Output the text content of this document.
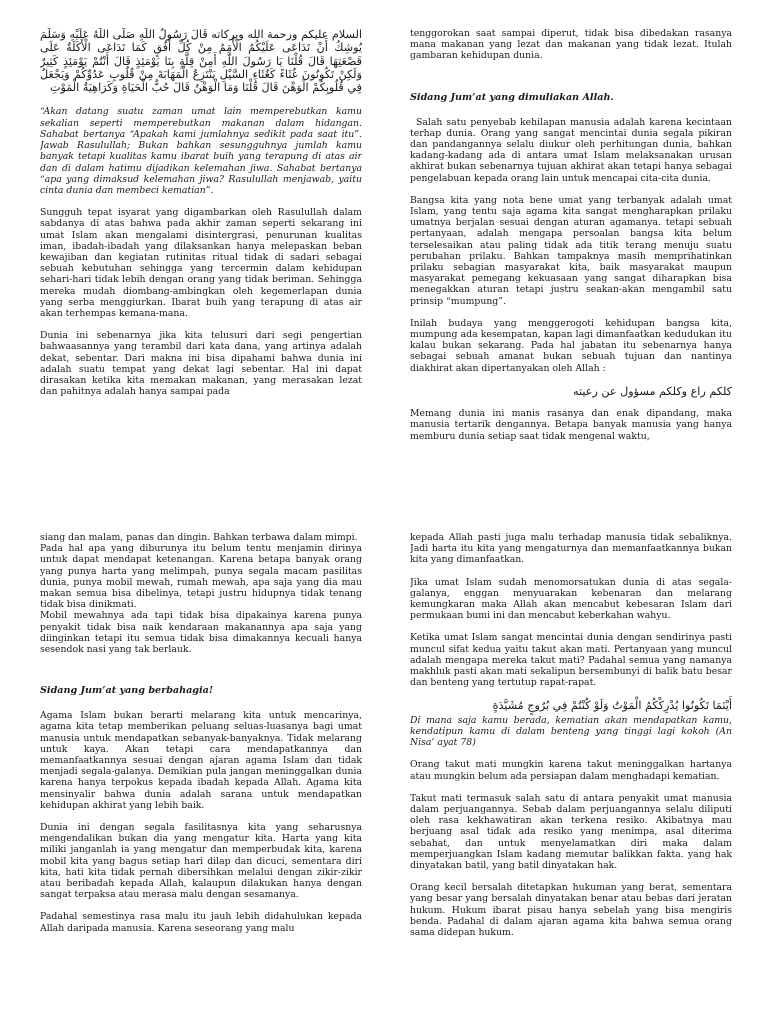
السلام عليكم ورحمة الله وبركاته قَالَ رَسُولُ اللَّهِ صَلَّى اللَّهُ عَلَيْهِ وَسَلَّمَ يُوشِكُ أَنْ تَدَاعَى عَلَيْكُمُ الْأُمَمُ مِنْ كُلِّ أُفُقٍ كَمَا تَدَاعَى الْأَكَلَةُ عَلَى قَصْعَتِهَا قَالَ قُلْنَا يَا رَسُولَ اللَّهِ أَمِنْ قِلَّةٍ بِنَا يَوْمَئِذٍ قَالَ أَنْتُمْ يَوْمَئِذٍ كَثِيرٌ وَلَكِنْ تَكُونُونَ غُثَاءً كَغُثَاءِ السَّيْلِ يَنْتَزِعُ الْمَهَابَةَ مِنْ قُلُوبِ عَدُوِّكُمْ وَيَجْعَلُ فِي قُلُوبِكُمْ الْوَهْنَ قَالَ قُلْنَا وَمَا الْوَهْنُ قَالَ حُبُّ الْحَيَاةِ وَكَرَاهِيَةُ الْمَوْتِ

“Akan datang suatu zaman umat lain memperebutkan kamu sekalian seperti memperebutkan makanan dalam hidangan. Sahabat bertanya “Apakah kami jumlahnya sedikit pada saat itu”. Jawab Rasulullah; Bukan bahkan sesungguhnya jumlah kamu banyak tetapi kualitas kamu ibarat buih yang terapung di atas air dan di dalam hatimu dijadikan kelemahan jiwa. Sahabat bertanya “apa yang dimaksud kelemahan jiwa? Rasulullah menjawab, yaitu cinta dunia dan membeci kematian”.

Sungguh tepat isyarat yang digambarkan oleh Rasulullah dalam sabdanya di atas bahwa pada akhir zaman seperti sekarang ini umat Islam akan mengalami disintergrasi, penurunan kualitas iman, ibadah-ibadah yang dilaksankan hanya melepaskan beban kewajiban dan kegiatan rutinitas ritual tidak di sadari sebagai sebuah kebutuhan sehingga yang tercermin dalam kehidupan sehari-hari tidak lebih dengan orang yang tidak beriman. Sehingga mereka mudah diombang-ambingkan oleh kegemerlapan dunia yang serba menggiurkan. Ibarat buih yang terapung di atas air akan terhempas kemana-mana.

Dunia ini sebenarnya jika kita telusuri dari segi pengertian bahwaasannya yang terambil dari kata dana, yang artinya adalah dekat, sebentar. Dari makna ini bisa dipahami bahwa dunia ini adalah suatu tempat yang dekat lagi sebentar. Hal ini dapat dirasakan ketika kita memakan makanan, yang merasakan lezat dan pahitnya adalah hanya sampai pada

tenggorokan saat sampai diperut, tidak bisa dibedakan rasanya mana makanan yang lezat dan makanan yang tidak lezat. Itulah gambaran kehidupan dunia.

Sidang Jum’at yang dimuliakan Allah.

Salah satu penyebab kehilapan manusia adalah karena kecintaan terhap dunia. Orang yang sangat mencintai dunia segala pikiran dan pandangannya selalu diukur oleh perhitungan dunia, bahkan kadang-kadang ada di antara umat Islam melaksanakan urusan akhirat bukan sebenarnya tujuan akhirat akan tetapi hanya sebagai pengelabuan kepada orang lain untuk mencapai cita-cita dunia.

Bangsa kita yang nota bene umat yang terbanyak adalah umat Islam, yang tentu saja agama kita sangat mengharapkan prilaku umatnya berjalan sesuai dengan aturan agamanya. tetapi sebuah pertanyaan, adalah mengapa persoalan bangsa kita belum terselesaikan atau paling tidak ada titik terang menuju suatu perubahan prilaku. Bahkan tampaknya masih memprihatinkan prilaku sebagian masyarakat kita, baik masyarakat maupun masyarakat pemegang kekuasaan yang sangat diharapkan bisa menegakkan aturan tetapi justru seakan-akan mengambil satu prinsip “mumpung”.

Inilah budaya yang menggerogoti kehidupan bangsa kita, mumpung ada kesempatan, kapan lagi dimanfaatkan kedudukan itu kalau bukan sekarang. Pada hal jabatan itu sebenarnya hanya sebagai sebuah amanat bukan sebuah tujuan dan nantinya diakhirat akan dipertanyakan oleh Allah :

كلكم راع وكلكم مسؤول عن رعيته

Memang dunia ini manis rasanya dan enak dipandang, maka manusia tertarik dengannya. Betapa banyak manusia yang hanya memburu dunia setiap saat tidak mengenal waktu,

siang dan malam, panas dan dingin. Bahkan terbawa dalam mimpi.

Pada hal apa yang diburunya itu belum tentu menjamin dirinya untuk dapat mendapat ketenangan. Karena betapa banyak orang yang punya harta yang melimpah, punya segala macam pasilitas dunia, punya mobil mewah, rumah mewah, apa saja yang dia mau makan semua bisa dibelinya, tetapi justru hidupnya tidak tenang tidak bisa dinikmati.

Mobil mewahnya ada tapi tidak bisa dipakainya karena punya penyakit tidak bisa naik kendaraan makanannya apa saja yang diinginkan tetapi itu semua tidak bisa dimakannya kecuali hanya sesendok nasi yang tak berlauk.

Sidang Jum’at yang berbahagia!

Agama Islam bukan berarti melarang kita untuk mencarinya, agama kita tetap memberikan peluang seluas-luasanya bagi umat manusia untuk mendapatkan sebanyak-banyaknya. Tidak melarang untuk kaya. Akan tetapi cara mendapatkannya dan memanfaatkannya sesuai dengan ajaran agama Islam dan tidak menjadi segala-galanya. Demikian pula jangan meninggalkan dunia karena hanya terpokus kepada ibadah kepada Allah. Agama kita mensinyalir bahwa dunia adalah sarana untuk mendapatkan kehidupan akhirat yang lebih baik.

Dunia ini dengan segala fasilitasnya kita yang seharusnya mengendalikan bukan dia yang mengatur kita. Harta yang kita miliki janganlah ia yang mengatur dan memperbudak kita, karena mobil kita yang bagus setiap hari dilap dan dicuci, sementara diri kita, hati kita tidak pernah dibersihkan melalui dengan zikir-zikir atau beribadah kepada Allah, kalaupun dilakukan hanya dengan sangat terpaksa atau merasa malu dengan sesamanya.

Padahal semestinya rasa malu itu jauh lebih didahulukan kepada Allah daripada manusia. Karena seseorang yang malu

kepada Allah pasti juga malu terhadap manusia tidak sebaliknya. Jadi harta itu kita yang mengaturnya dan memanfaatkannya bukan kita yang dimanfaatkan.

Jika umat Islam sudah menomorsatukan dunia di atas segala-galanya, enggan menyuarakan kebenaran dan melarang kemungkaran maka Allah akan mencabut kebesaran Islam dari permukaan bumi ini dan mencabut keberkahan wahyu.

Ketika umat Islam sangat mencintai dunia dengan sendirinya pasti muncul sifat kedua yaitu takut akan mati. Pertanyaan yang muncul adalah mengapa mereka takut mati? Padahal semua yang namanya makhluk pasti akan mati sekalipun bersembunyi di balik batu besar dan benteng yang tertutup rapat-rapat.

أَيْنَمَا تَكُونُوا يُدْرِكْكُمُ الْمَوْتُ وَلَوْ كُنْتُمْ فِي بُرُوجٍ مُشَيَّدَةٍ

Di mana saja kamu berada, kematian akan mendapatkan kamu, kendatipun kamu di dalam benteng yang tinggi lagi kokoh (An Nisa’ ayat 78)

Orang takut mati mungkin karena takut meninggalkan hartanya atau mungkin belum ada persiapan dalam menghadapi kematian.

Takut mati termasuk salah satu di antara penyakit umat manusia dalam perjuangannya. Sebab dalam perjuangannya selalu diliputi oleh rasa kekhawatiran akan terkena resiko. Akibatnya mau berjuang asal tidak ada resiko yang menimpa, asal diterima sebahat, dan untuk menyelamatkan diri maka dalam memperjuangkan Islam kadang memutar balikkan fakta. yang hak dinyatakan batil, yang batil dinyatakan hak.

Orang kecil bersalah ditetapkan hukuman yang berat, sementara yang besar yang bersalah dinyatakan benar atau bebas dari jeratan hukum. Hukum ibarat pisau hanya sebelah yang bisa mengiris benda. Padahal di dalam ajaran agama kita bahwa semua orang sama didepan hukum.
